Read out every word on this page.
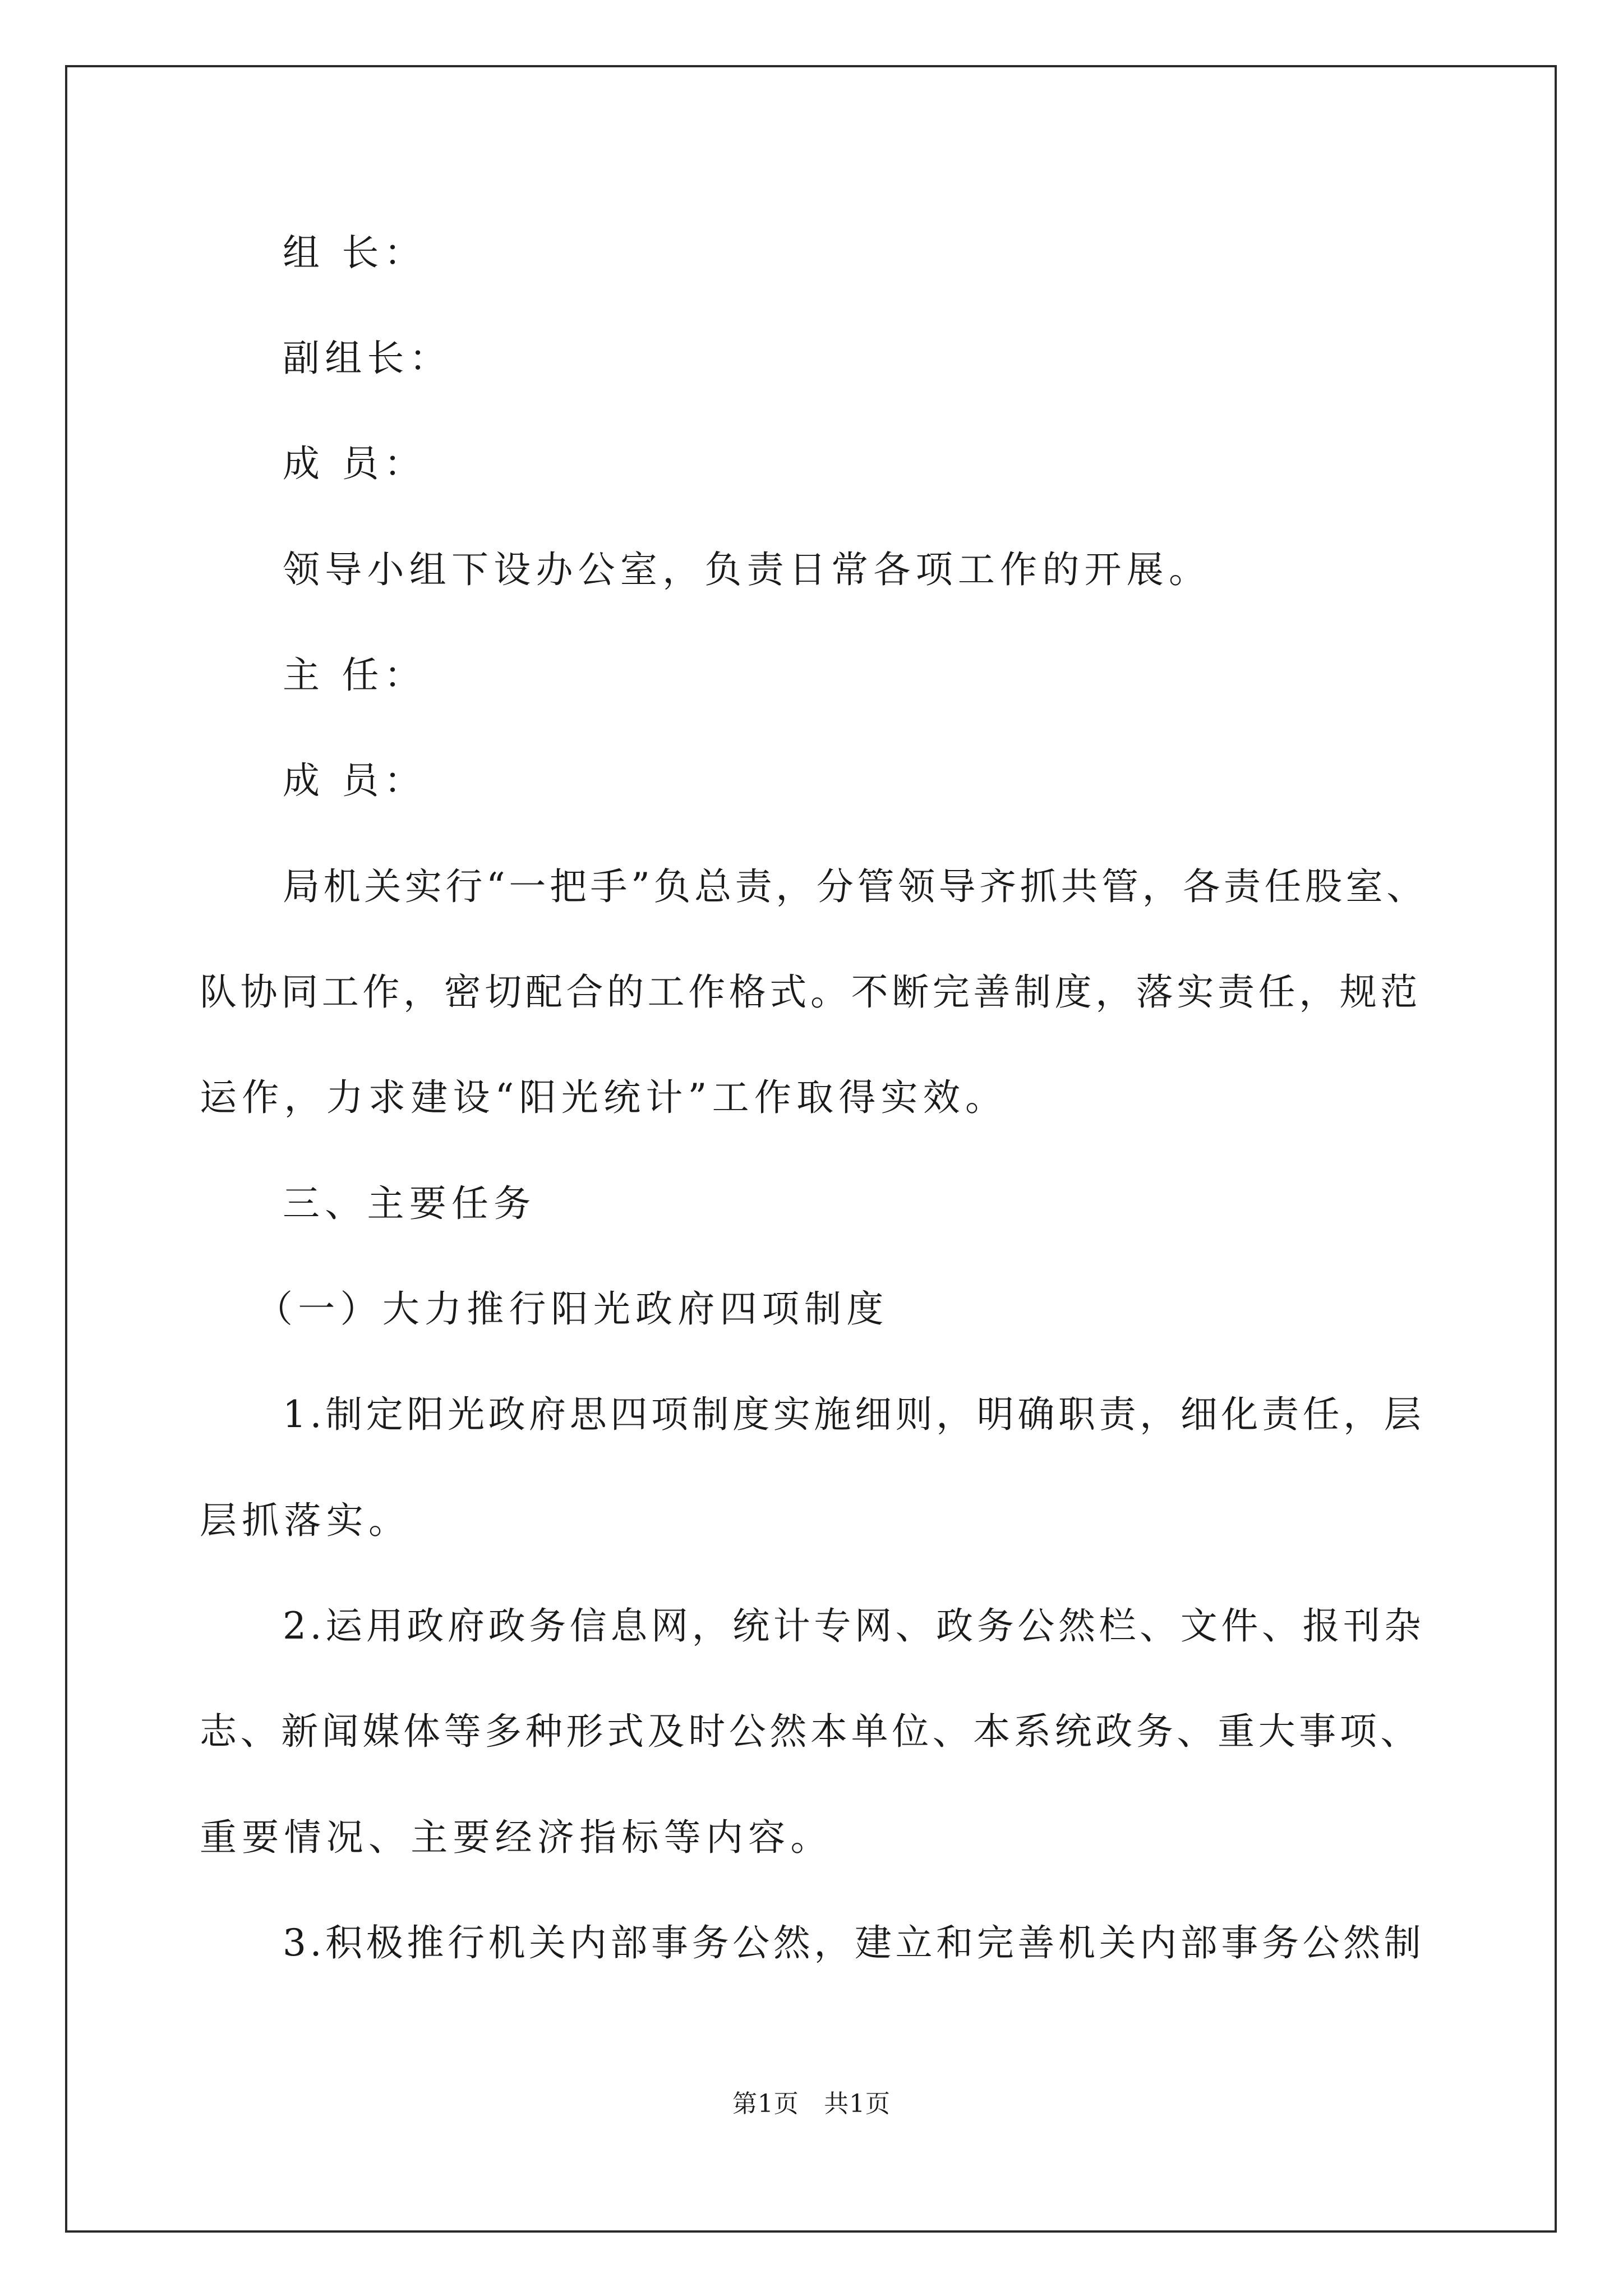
组 长：
副组长：
成 员：
领导小组下设办公室，负责日常各项工作的开展。
主 任：
成 员：
局机关实行“一把手”负总责，分管领导齐抓共管，各责任股室、
队协同工作，密切配合的工作格式。不断完善制度，落实责任，规范
运作，力求建设“阳光统计”工作取得实效。
三、主要任务
（一）大力推行阳光政府四项制度
1.制定阳光政府思四项制度实施细则，明确职责，细化责任，层
层抓落实。
2.运用政府政务信息网，统计专网、政务公然栏、文件、报刊杂
志、新闻媒体等多种形式及时公然本单位、本系统政务、重大事项、
重要情况、主要经济指标等内容。
3.积极推行机关内部事务公然，建立和完善机关内部事务公然制
第1页 共1页
